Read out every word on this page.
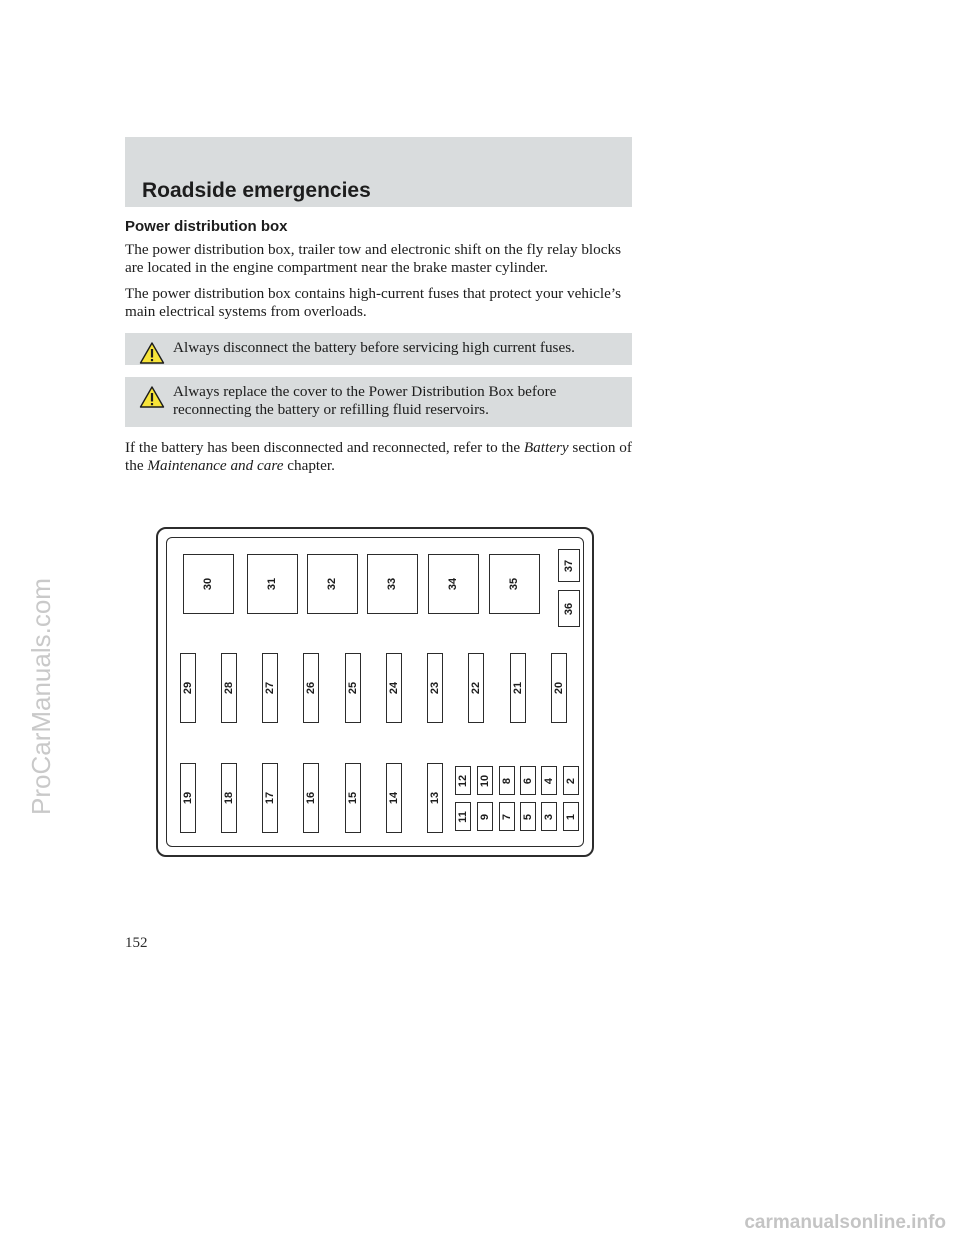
Roadside emergencies
Power distribution box

The power distribution box, trailer tow and electronic shift on the fly relay blocks are located in the engine compartment near the brake master cylinder.

The power distribution box contains high-current fuses that protect your vehicle’s main electrical systems from overloads.

Always disconnect the battery before servicing high current fuses.
Always replace the cover to the Power Distribution Box before reconnecting the battery or refilling fluid reservoirs.

If the battery has been disconnected and reconnected, refer to the Battery section of the Maintenance and care chapter.

1
2
3
4
5
6
7
8
9
10
11
12
13
14
15
16
17
18
19
20
21
22
23
24
25
26
27
28
29
30	31	32	33	34	35
36
37

152

ProCarManuals.com
carmanualsonline.info
